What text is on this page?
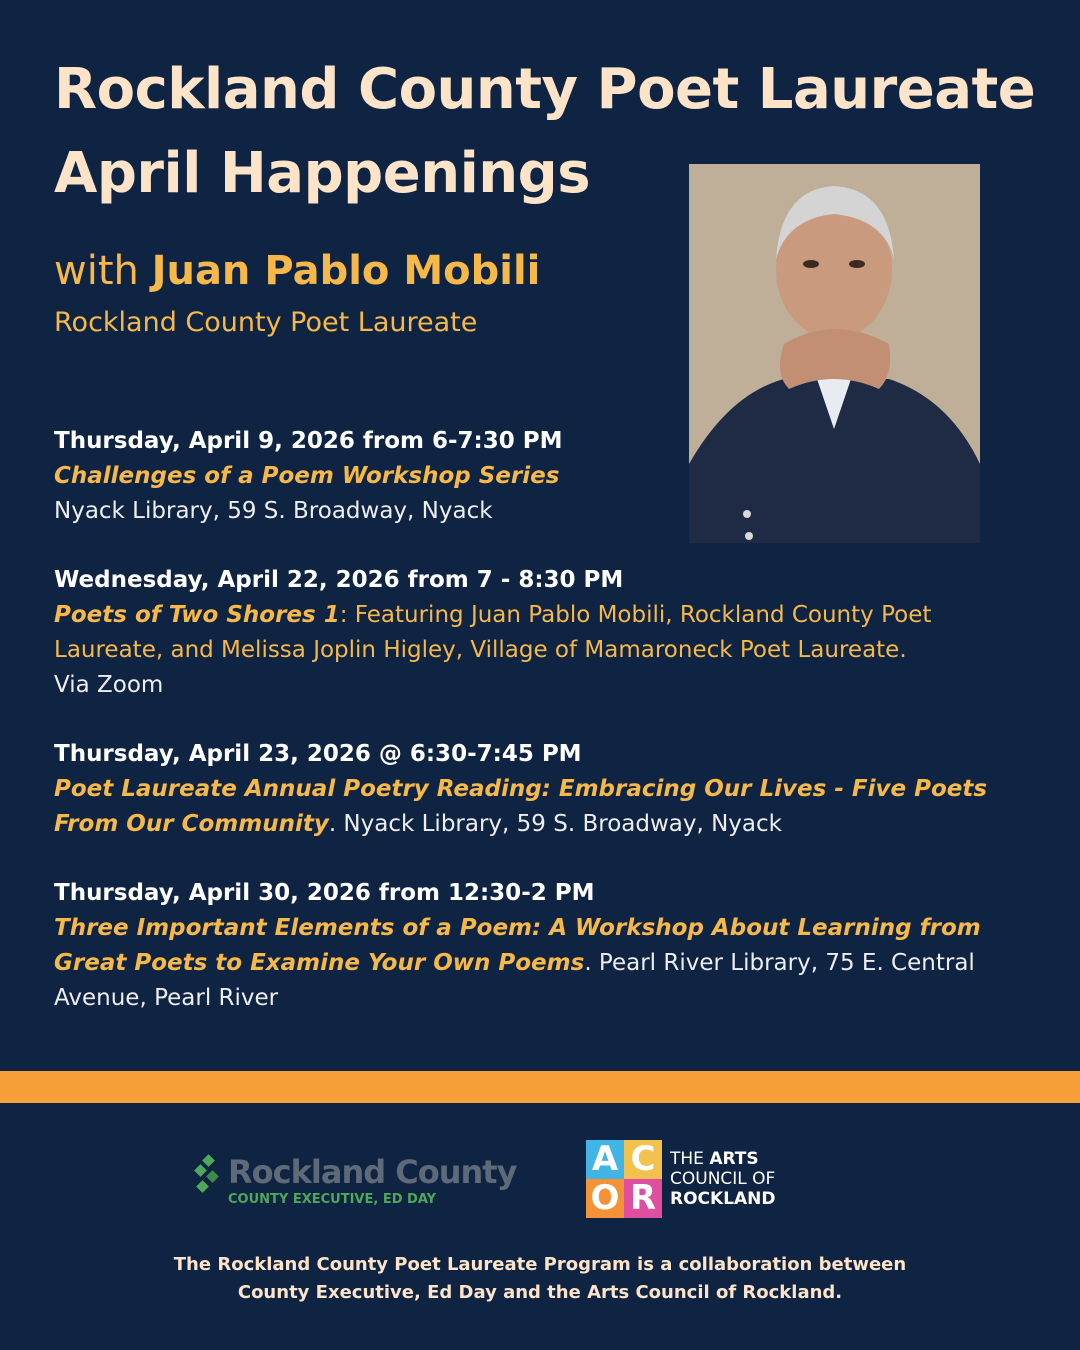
Rockland County Poet Laureate
April Happenings
with Juan Pablo Mobili
Rockland County Poet Laureate
Thursday, April 9, 2026 from 6-7:30 PM
Challenges of a Poem Workshop Series
Nyack Library, 59 S. Broadway, Nyack
Wednesday, April 22, 2026 from 7 - 8:30 PM
Poets of Two Shores 1: Featuring Juan Pablo Mobili, Rockland County Poet Laureate, and Melissa Joplin Higley, Village of Mamaroneck Poet Laureate.
Via Zoom
Thursday, April 23, 2026 @ 6:30-7:45 PM
Poet Laureate Annual Poetry Reading: Embracing Our Lives - Five Poets From Our Community. Nyack Library, 59 S. Broadway, Nyack
Thursday, April 30, 2026 from 12:30-2 PM
Three Important Elements of a Poem: A Workshop About Learning from Great Poets to Examine Your Own Poems. Pearl River Library, 75 E. Central Avenue, Pearl River
Rockland County
COUNTY EXECUTIVE, ED DAY
A C
O R
THE ARTS
COUNCIL OF
ROCKLAND
The Rockland County Poet Laureate Program is a collaboration between
County Executive, Ed Day and the Arts Council of Rockland.
